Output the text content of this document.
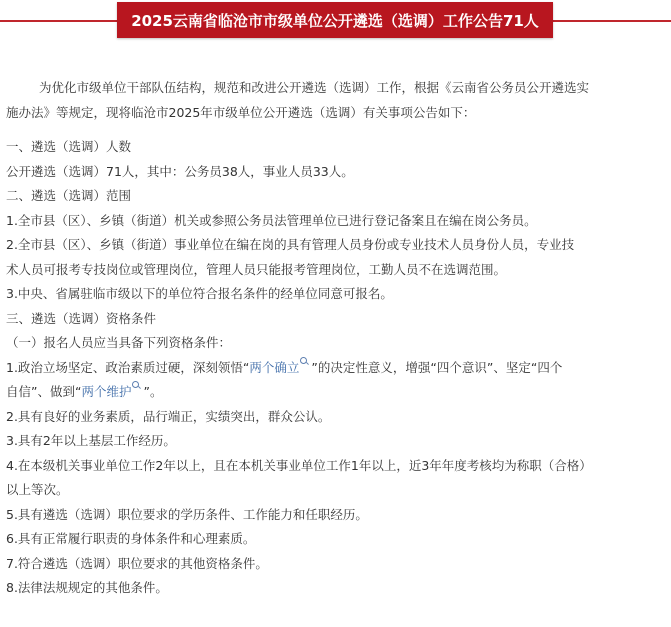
2025云南省临沧市市级单位公开遴选（选调）工作公告71人

为优化市级单位干部队伍结构，规范和改进公开遴选（选调）工作，根据《云南省公务员公开遴选实

施办法》等规定，现将临沧市2025年市级单位公开遴选（选调）有关事项公告如下：

一、遴选（选调）人数

公开遴选（选调）71人，其中：公务员38人，事业人员33人。

二、遴选（选调）范围

1.全市县（区）、乡镇（街道）机关或参照公务员法管理单位已进行登记备案且在编在岗公务员。

2.全市县（区）、乡镇（街道）事业单位在编在岗的具有管理人员身份或专业技术人员身份人员，专业技

术人员可报考专技岗位或管理岗位，管理人员只能报考管理岗位，工勤人员不在选调范围。

3.中央、省属驻临市级以下的单位符合报名条件的经单位同意可报名。

三、遴选（选调）资格条件

（一）报名人员应当具备下列资格条件：

1.政治立场坚定、政治素质过硬，深刻领悟“两个确立 ”的决定性意义，增强“四个意识”、坚定“四个

自信”、做到“两个维护 ”。

2.具有良好的业务素质，品行端正，实绩突出，群众公认。

3.具有2年以上基层工作经历。

4.在本级机关事业单位工作2年以上，且在本机关事业单位工作1年以上，近3年年度考核均为称职（合格）

以上等次。

5.具有遴选（选调）职位要求的学历条件、工作能力和任职经历。

6.具有正常履行职责的身体条件和心理素质。

7.符合遴选（选调）职位要求的其他资格条件。

8.法律法规规定的其他条件。
